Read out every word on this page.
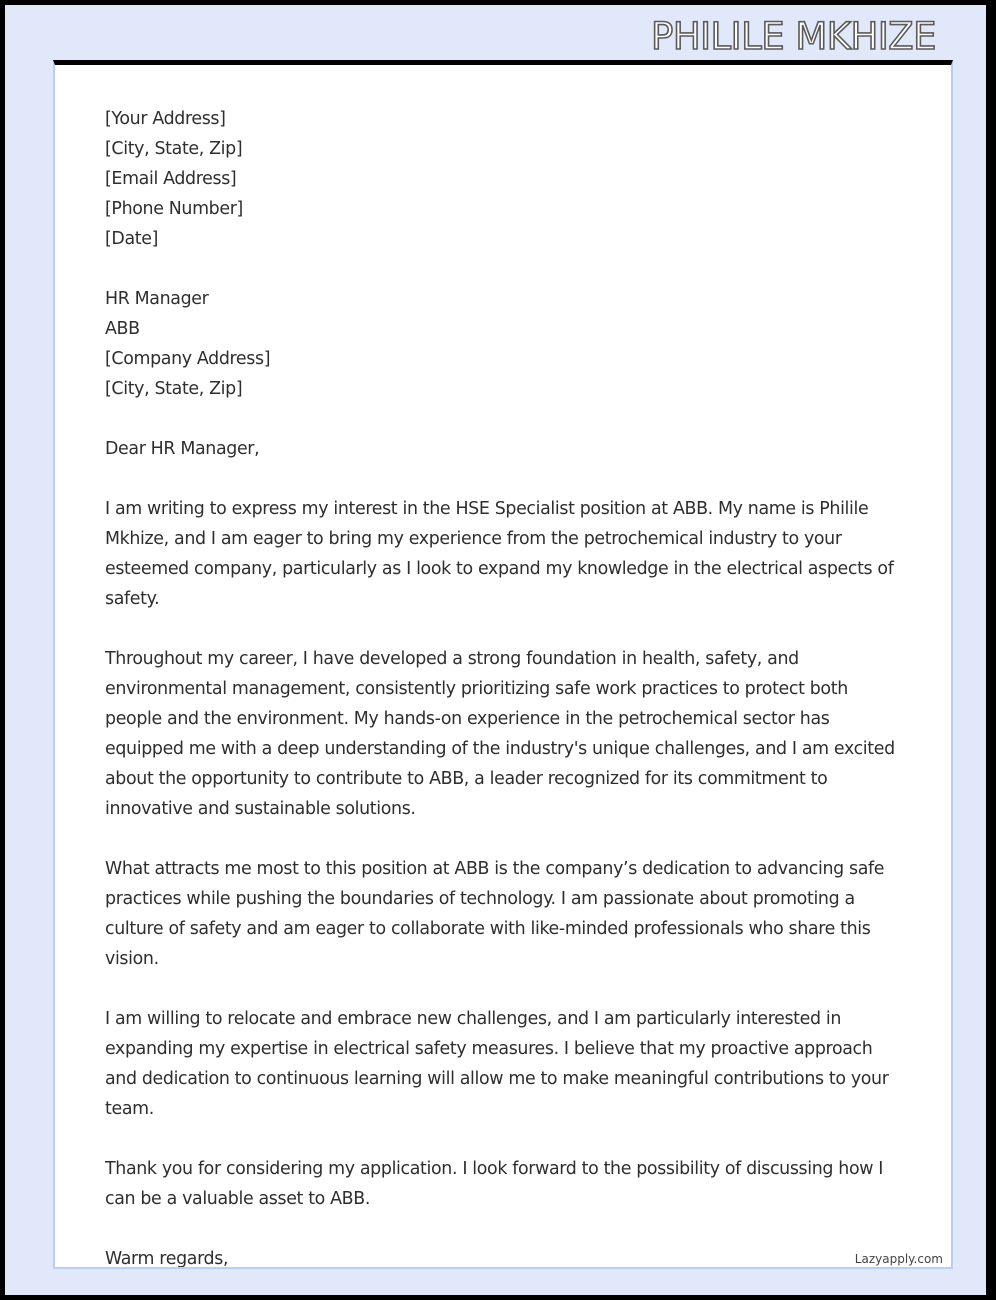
PHILILE MKHIZE

[Your Address]
[City, State, Zip]
[Email Address]
[Phone Number]
[Date]

HR Manager
ABB
[Company Address]
[City, State, Zip]

Dear HR Manager,

I am writing to express my interest in the HSE Specialist position at ABB. My name is Philile Mkhize, and I am eager to bring my experience from the petrochemical industry to your esteemed company, particularly as I look to expand my knowledge in the electrical aspects of safety.

Throughout my career, I have developed a strong foundation in health, safety, and environmental management, consistently prioritizing safe work practices to protect both people and the environment. My hands-on experience in the petrochemical sector has equipped me with a deep understanding of the industry's unique challenges, and I am excited about the opportunity to contribute to ABB, a leader recognized for its commitment to innovative and sustainable solutions.

What attracts me most to this position at ABB is the company’s dedication to advancing safe practices while pushing the boundaries of technology. I am passionate about promoting a culture of safety and am eager to collaborate with like-minded professionals who share this vision.

I am willing to relocate and embrace new challenges, and I am particularly interested in expanding my expertise in electrical safety measures. I believe that my proactive approach and dedication to continuous learning will allow me to make meaningful contributions to your team.

Thank you for considering my application. I look forward to the possibility of discussing how I can be a valuable asset to ABB.

Warm regards,	Lazyapply.com
